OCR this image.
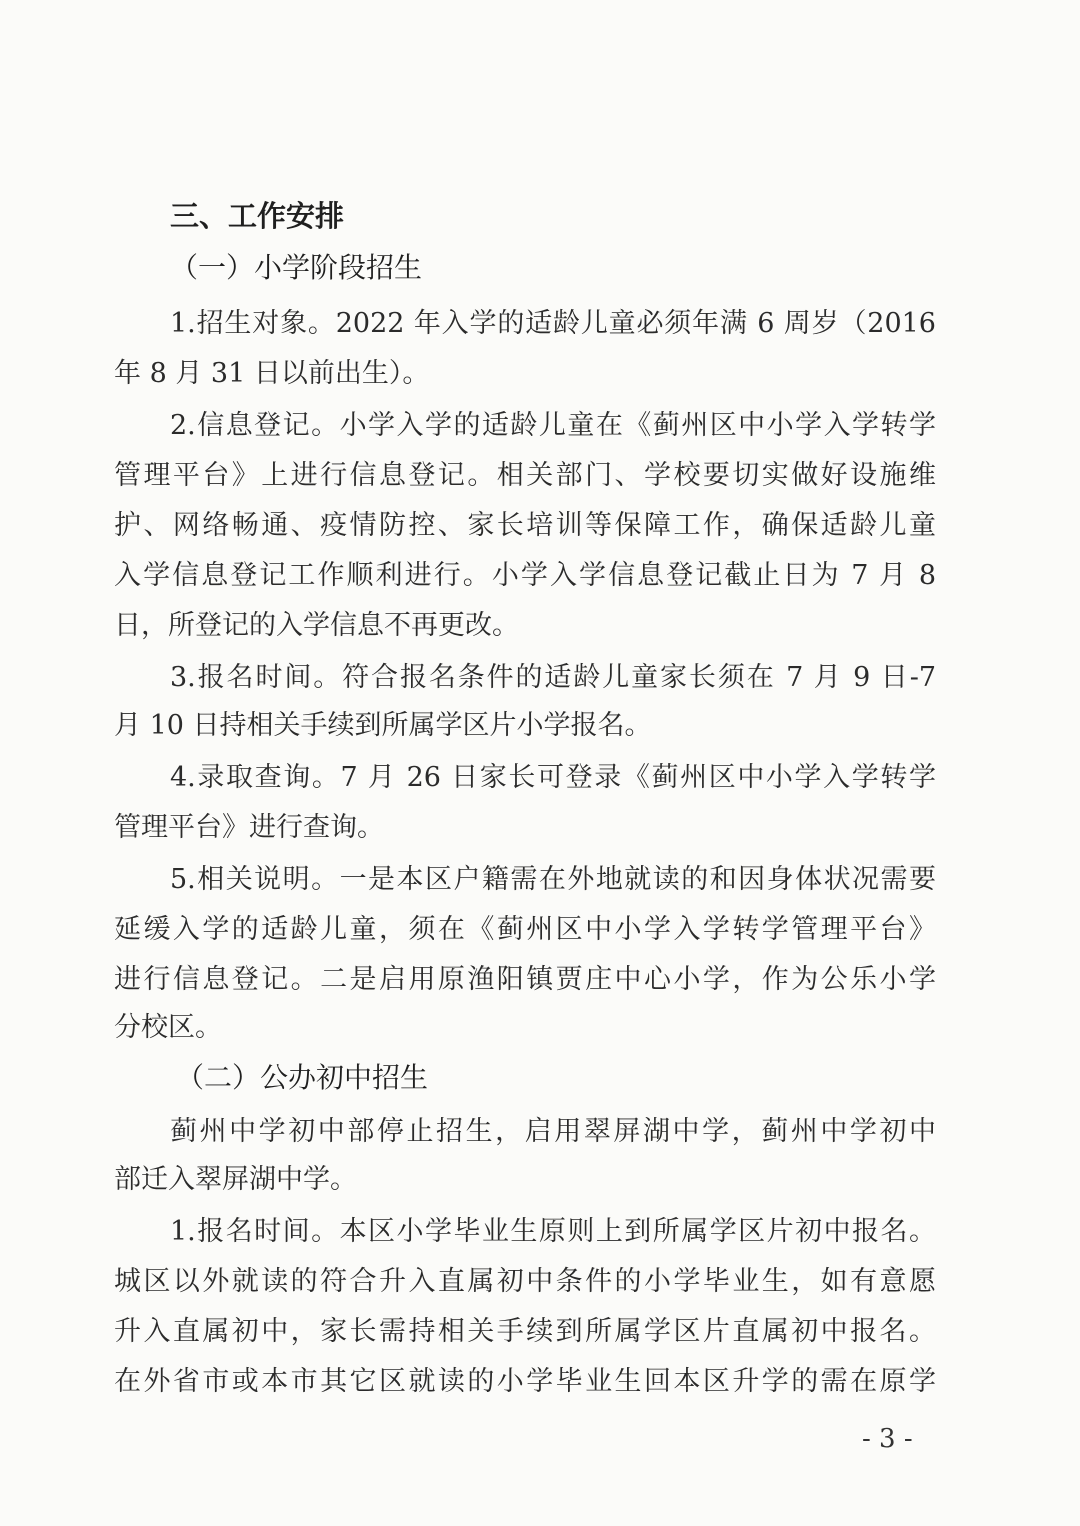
三、工作安排
（一）小学阶段招生
1.招生对象。2022 年入学的适龄儿童必须年满 6 周岁（2016
年 8 月 31 日以前出生）。
2.信息登记。小学入学的适龄儿童在《蓟州区中小学入学转学
管理平台》上进行信息登记。相关部门、学校要切实做好设施维
护、网络畅通、疫情防控、家长培训等保障工作，确保适龄儿童
入学信息登记工作顺利进行。小学入学信息登记截止日为 7 月 8
日，所登记的入学信息不再更改。
3.报名时间。符合报名条件的适龄儿童家长须在 7 月 9 日-7
月 10 日持相关手续到所属学区片小学报名。
4.录取查询。7 月 26 日家长可登录《蓟州区中小学入学转学
管理平台》进行查询。
5.相关说明。一是本区户籍需在外地就读的和因身体状况需要
延缓入学的适龄儿童，须在《蓟州区中小学入学转学管理平台》
进行信息登记。二是启用原渔阳镇贾庄中心小学，作为公乐小学
分校区。
（二）公办初中招生
蓟州中学初中部停止招生，启用翠屏湖中学，蓟州中学初中
部迁入翠屏湖中学。
1.报名时间。本区小学毕业生原则上到所属学区片初中报名。
城区以外就读的符合升入直属初中条件的小学毕业生，如有意愿
升入直属初中，家长需持相关手续到所属学区片直属初中报名。
在外省市或本市其它区就读的小学毕业生回本区升学的需在原学
- 3 -
